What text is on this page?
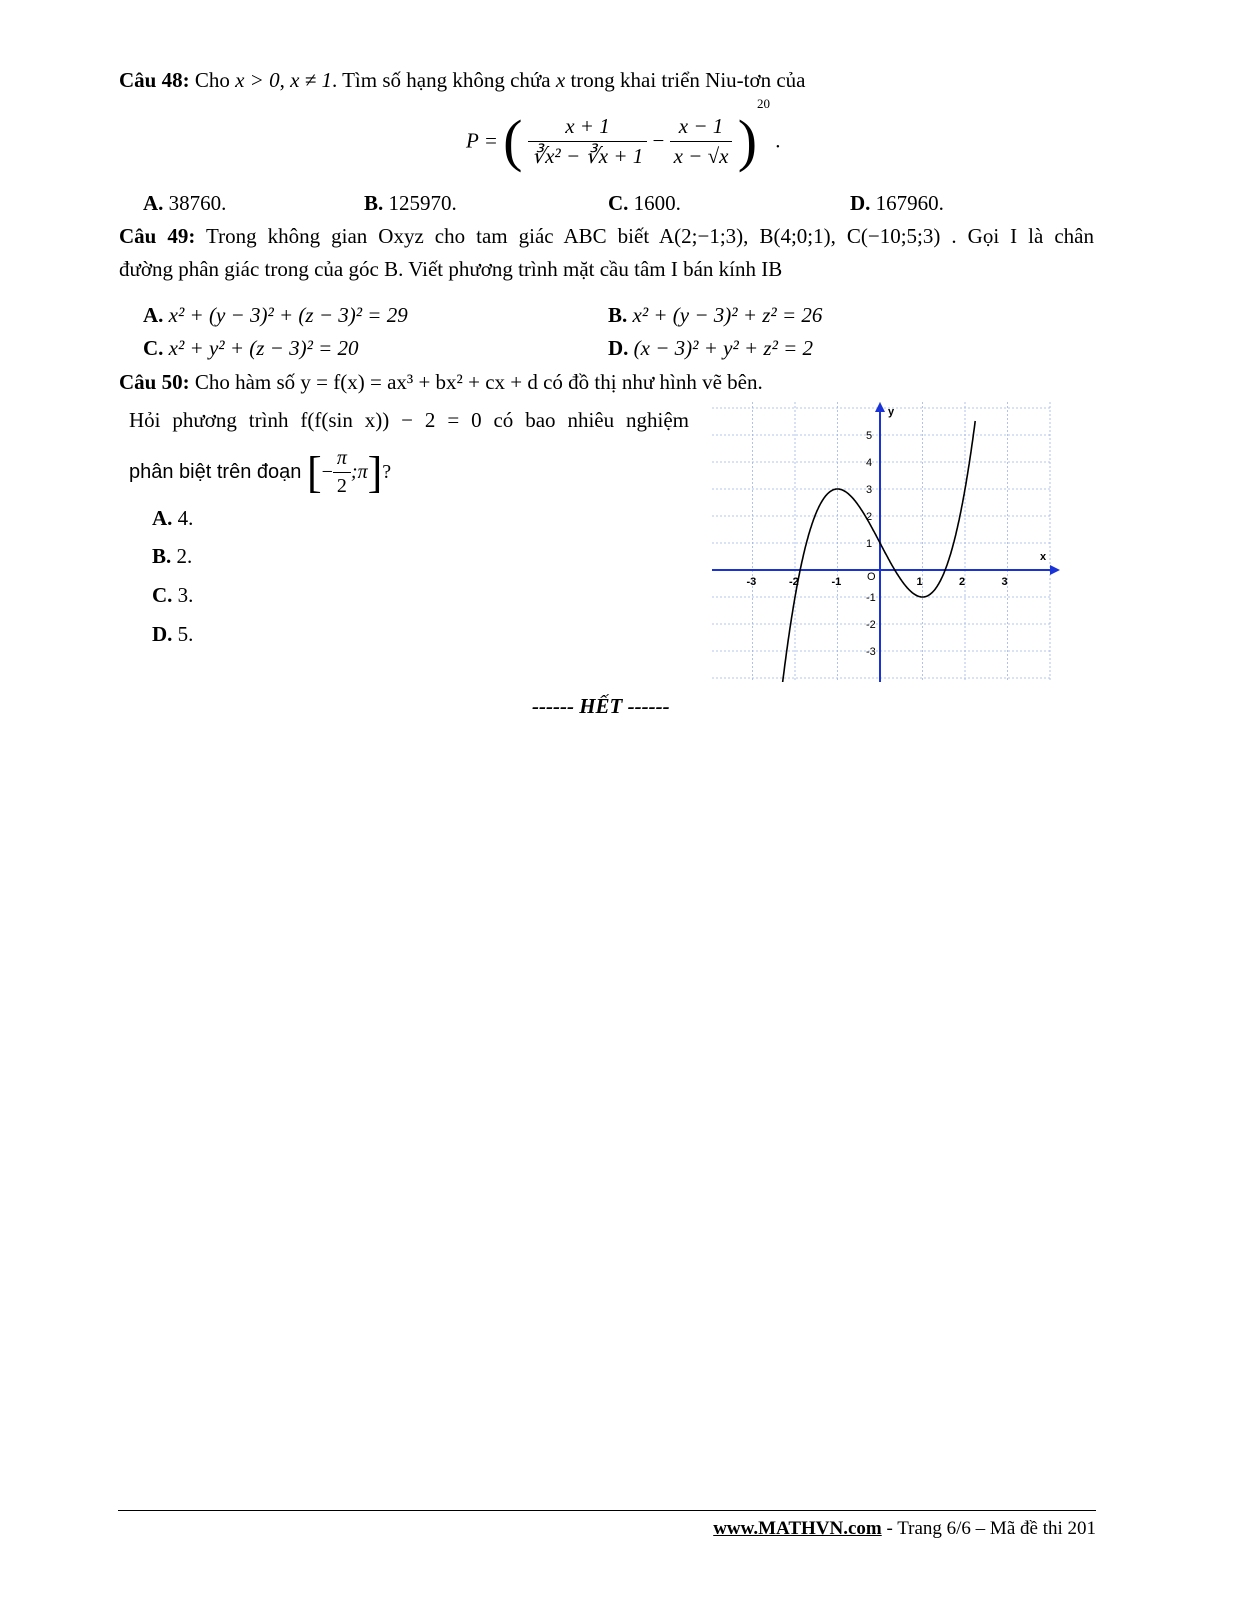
Câu 48: Cho x > 0, x ≠ 1. Tìm số hạng không chứa x trong khai triển Niu-tơn của
P = ( $\frac{x + 1}{\text{∛x² − ∛x + 1}} - \frac{x - 1}{x - √x} )^{20}$ .
A. 38760.	B. 125970.	C. 1600.	D. 167960.
Câu 49: Trong không gian Oxyz cho tam giác ABC biết A(2;−1;3), B(4;0;1), C(−10;5;3) . Gọi I là chân
đường phân giác trong của góc B. Viết phương trình mặt cầu tâm I bán kính IB
A. x² + (y − 3)² + (z − 3)² = 29	B. x² + (y − 3)² + z² = 26
C. x² + y² + (z − 3)² = 20	D. (x − 3)² + y² + z² = 2
Câu 50: Cho hàm số y = f(x) = ax³ + bx² + cx + d có đồ thị như hình vẽ bên.
Hỏi phương trình f(f(sin x)) − 2 = 0 có bao nhiêu nghiệm
phân biệt trên đoạn [− $\frac{\pi}{2}$ ;π]?
A. 4.
B. 2.
C. 3.
D. 5.
x
y
O
-3	-2	-1	1	2	3
5
4
3
2
1
-1
-2
-3
------ HẾT ------
www.MATHVN.com - Trang 6/6 – Mã đề thi 201
